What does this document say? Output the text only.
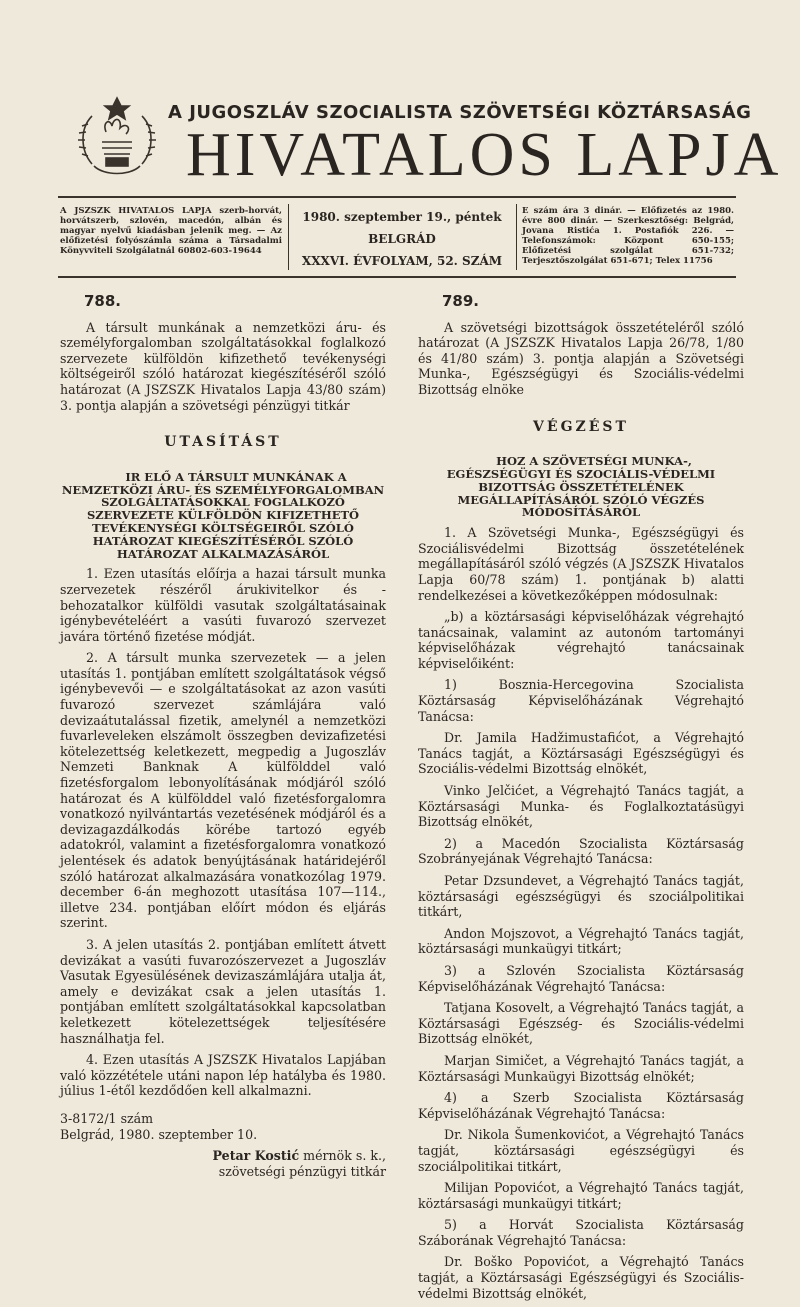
A JUGOSZLÁV SZOCIALISTA SZÖVETSÉGI KÖZTÁRSASÁG
HIVATALOS LAPJA
A JSZSZK HIVATALOS LAPJA szerb-horvát, horvátszerb, szlovén, macedón, albán és magyar nyelvű kiadásban jelenik meg. — Az előfizetési folyószámla száma a Társadalmi Könyvviteli Szolgálatnál 60802-603-19644
1980. szeptember 19., péntek
BELGRÁD
XXXVI. ÉVFOLYAM, 52. SZÁM
E szám ára 3 dinár. — Előfizetés az 1980. évre 800 dinár. — Szerkesztőség: Belgrád, Jovana Ristića 1. Postafiók 226. — Telefonszámok: Központ 650-155; Előfizetési szolgálat 651-732; Terjesztőszolgálat 651-671; Telex 11756
788.

A társult munkának a nemzetközi áru- és személyforgalomban szolgáltatásokkal foglalkozó szervezete külföldön kifizethető tevékenységi költségeiről szóló határozat kiegészítéséről szóló határozat (A JSZSZK Hivatalos Lapja 43/80 szám) 3. pontja alapján a szövetségi pénzügyi titkár

UTASÍTÁST

IR ELŐ A TÁRSULT MUNKÁNAK A NEMZETKÖZI ÁRU- ÉS SZEMÉLYFORGALOMBAN SZOLGÁLTATÁSOKKAL FOGLALKOZÓ SZERVEZETE KÜLFÖLDÖN KIFIZETHETŐ TEVÉKENYSÉGI KÖLTSÉGEIRŐL SZÓLÓ HATÁROZAT KIEGÉSZÍTÉSÉRŐL SZÓLÓ HATÁROZAT ALKALMAZÁSÁRÓL

1. Ezen utasítás előírja a hazai társult munka szervezetek részéről árukivitelkor és -behozatalkor külföldi vasutak szolgáltatásainak igénybevételéért a vasúti fuvarozó szervezet javára történő fizetése módját.

2. A társult munka szervezetek — a jelen utasítás 1. pontjában említett szolgáltatások végső igénybevevői — e szolgáltatásokat az azon vasúti fuvarozó szervezet számlájára való devizaátutalással fizetik, amelynél a nemzetközi fuvarleveleken elszámolt összegben devizafizetési kötelezettség keletkezett, megpedig a Jugoszláv Nemzeti Banknak A külfölddel való fizetésforgalom lebonyolításának módjáról szóló határozat és A külfölddel való fizetésforgalomra vonatkozó nyilvántartás vezetésének módjáról és a devizagazdálkodás körébe tartozó egyéb adatokról, valamint a fizetésforgalomra vonatkozó jelentések és adatok benyújtásának határidejéről szóló határozat alkalmazására vonatkozólag 1979. december 6-án meghozott utasítása 107—114., illetve 234. pontjában előírt módon és eljárás szerint.

3. A jelen utasítás 2. pontjában említett átvett devizákat a vasúti fuvarozószervezet a Jugoszláv Vasutak Egyesülésének devizaszámlájára utalja át, amely e devizákat csak a jelen utasítás 1. pontjában említett szolgáltatásokkal kapcsolatban keletkezett kötelezettségek teljesítésére használhatja fel.

4. Ezen utasítás A JSZSZK Hivatalos Lapjában való közzététele utáni napon lép hatályba és 1980. július 1-étől kezdődően kell alkalmazni.

3-8172/1 szám

Belgrád, 1980. szeptember 10.

Petar Kostić mérnök s. k.,
szövetségi pénzügyi titkár

789.

A szövetségi bizottságok összetételéről szóló határozat (A JSZSZK Hivatalos Lapja 26/78, 1/80 és 41/80 szám) 3. pontja alapján a Szövetségi Munka-, Egészségügyi és Szociális-védelmi Bizottság elnöke

VÉGZÉST

HOZ A SZÖVETSÉGI MUNKA-, EGÉSZSÉGÜGYI ÉS SZOCIÁLIS-VÉDELMI BIZOTTSÁG ÖSSZETÉTELÉNEK MEGÁLLAPÍTÁSÁRÓL SZÓLÓ VÉGZÉS MÓDOSÍTÁSÁRÓL

1. A Szövetségi Munka-, Egészségügyi és Szociálisvédelmi Bizottság összetételének megállapításáról szóló végzés (A JSZSZK Hivatalos Lapja 60/78 szám) 1. pontjának b) alatti rendelkezései a következőképpen módosulnak:

„b) a köztársasági képviselőházak végrehajtó tanácsainak, valamint az autonóm tartományi képviselőházak végrehajtó tanácsainak képviselőiként:

1) Bosznia-Hercegovina Szocialista Köztársaság Képviselőházának Végrehajtó Tanácsa:

Dr. Jamila Hadžimustafićot, a Végrehajtó Tanács tagját, a Köztársasági Egészségügyi és Szociális-védelmi Bizottság elnökét,

Vinko Jelčićet, a Végrehajtó Tanács tagját, a Köztársasági Munka- és Foglalkoztatásügyi Bizottság elnökét,

2) a Macedón Szocialista Köztársaság Szobrányejának Végrehajtó Tanácsa:

Petar Dzsundevet, a Végrehajtó Tanács tagját, köztársasági egészségügyi és szociálpolitikai titkárt,

Andon Mojszovot, a Végrehajtó Tanács tagját, köztársasági munkaügyi titkárt;

3) a Szlovén Szocialista Köztársaság Képviselőházának Végrehajtó Tanácsa:

Tatjana Kosovelt, a Végrehajtó Tanács tagját, a Köztársasági Egészség- és Szociális-védelmi Bizottság elnökét,

Marjan Simičet, a Végrehajtó Tanács tagját, a Köztársasági Munkaügyi Bizottság elnökét;

4) a Szerb Szocialista Köztársaság Képviselőházának Végrehajtó Tanácsa:

Dr. Nikola Šumenkovićot, a Végrehajtó Tanács tagját, köztársasági egészségügyi és szociálpolitikai titkárt,

Milijan Popovićot, a Végrehajtó Tanács tagját, köztársasági munkaügyi titkárt;

5) a Horvát Szocialista Köztársaság Száborának Végrehajtó Tanácsa:

Dr. Boško Popovićot, a Végrehajtó Tanács tagját, a Köztársasági Egészségügyi és Szociális-védelmi Bizottság elnökét,
